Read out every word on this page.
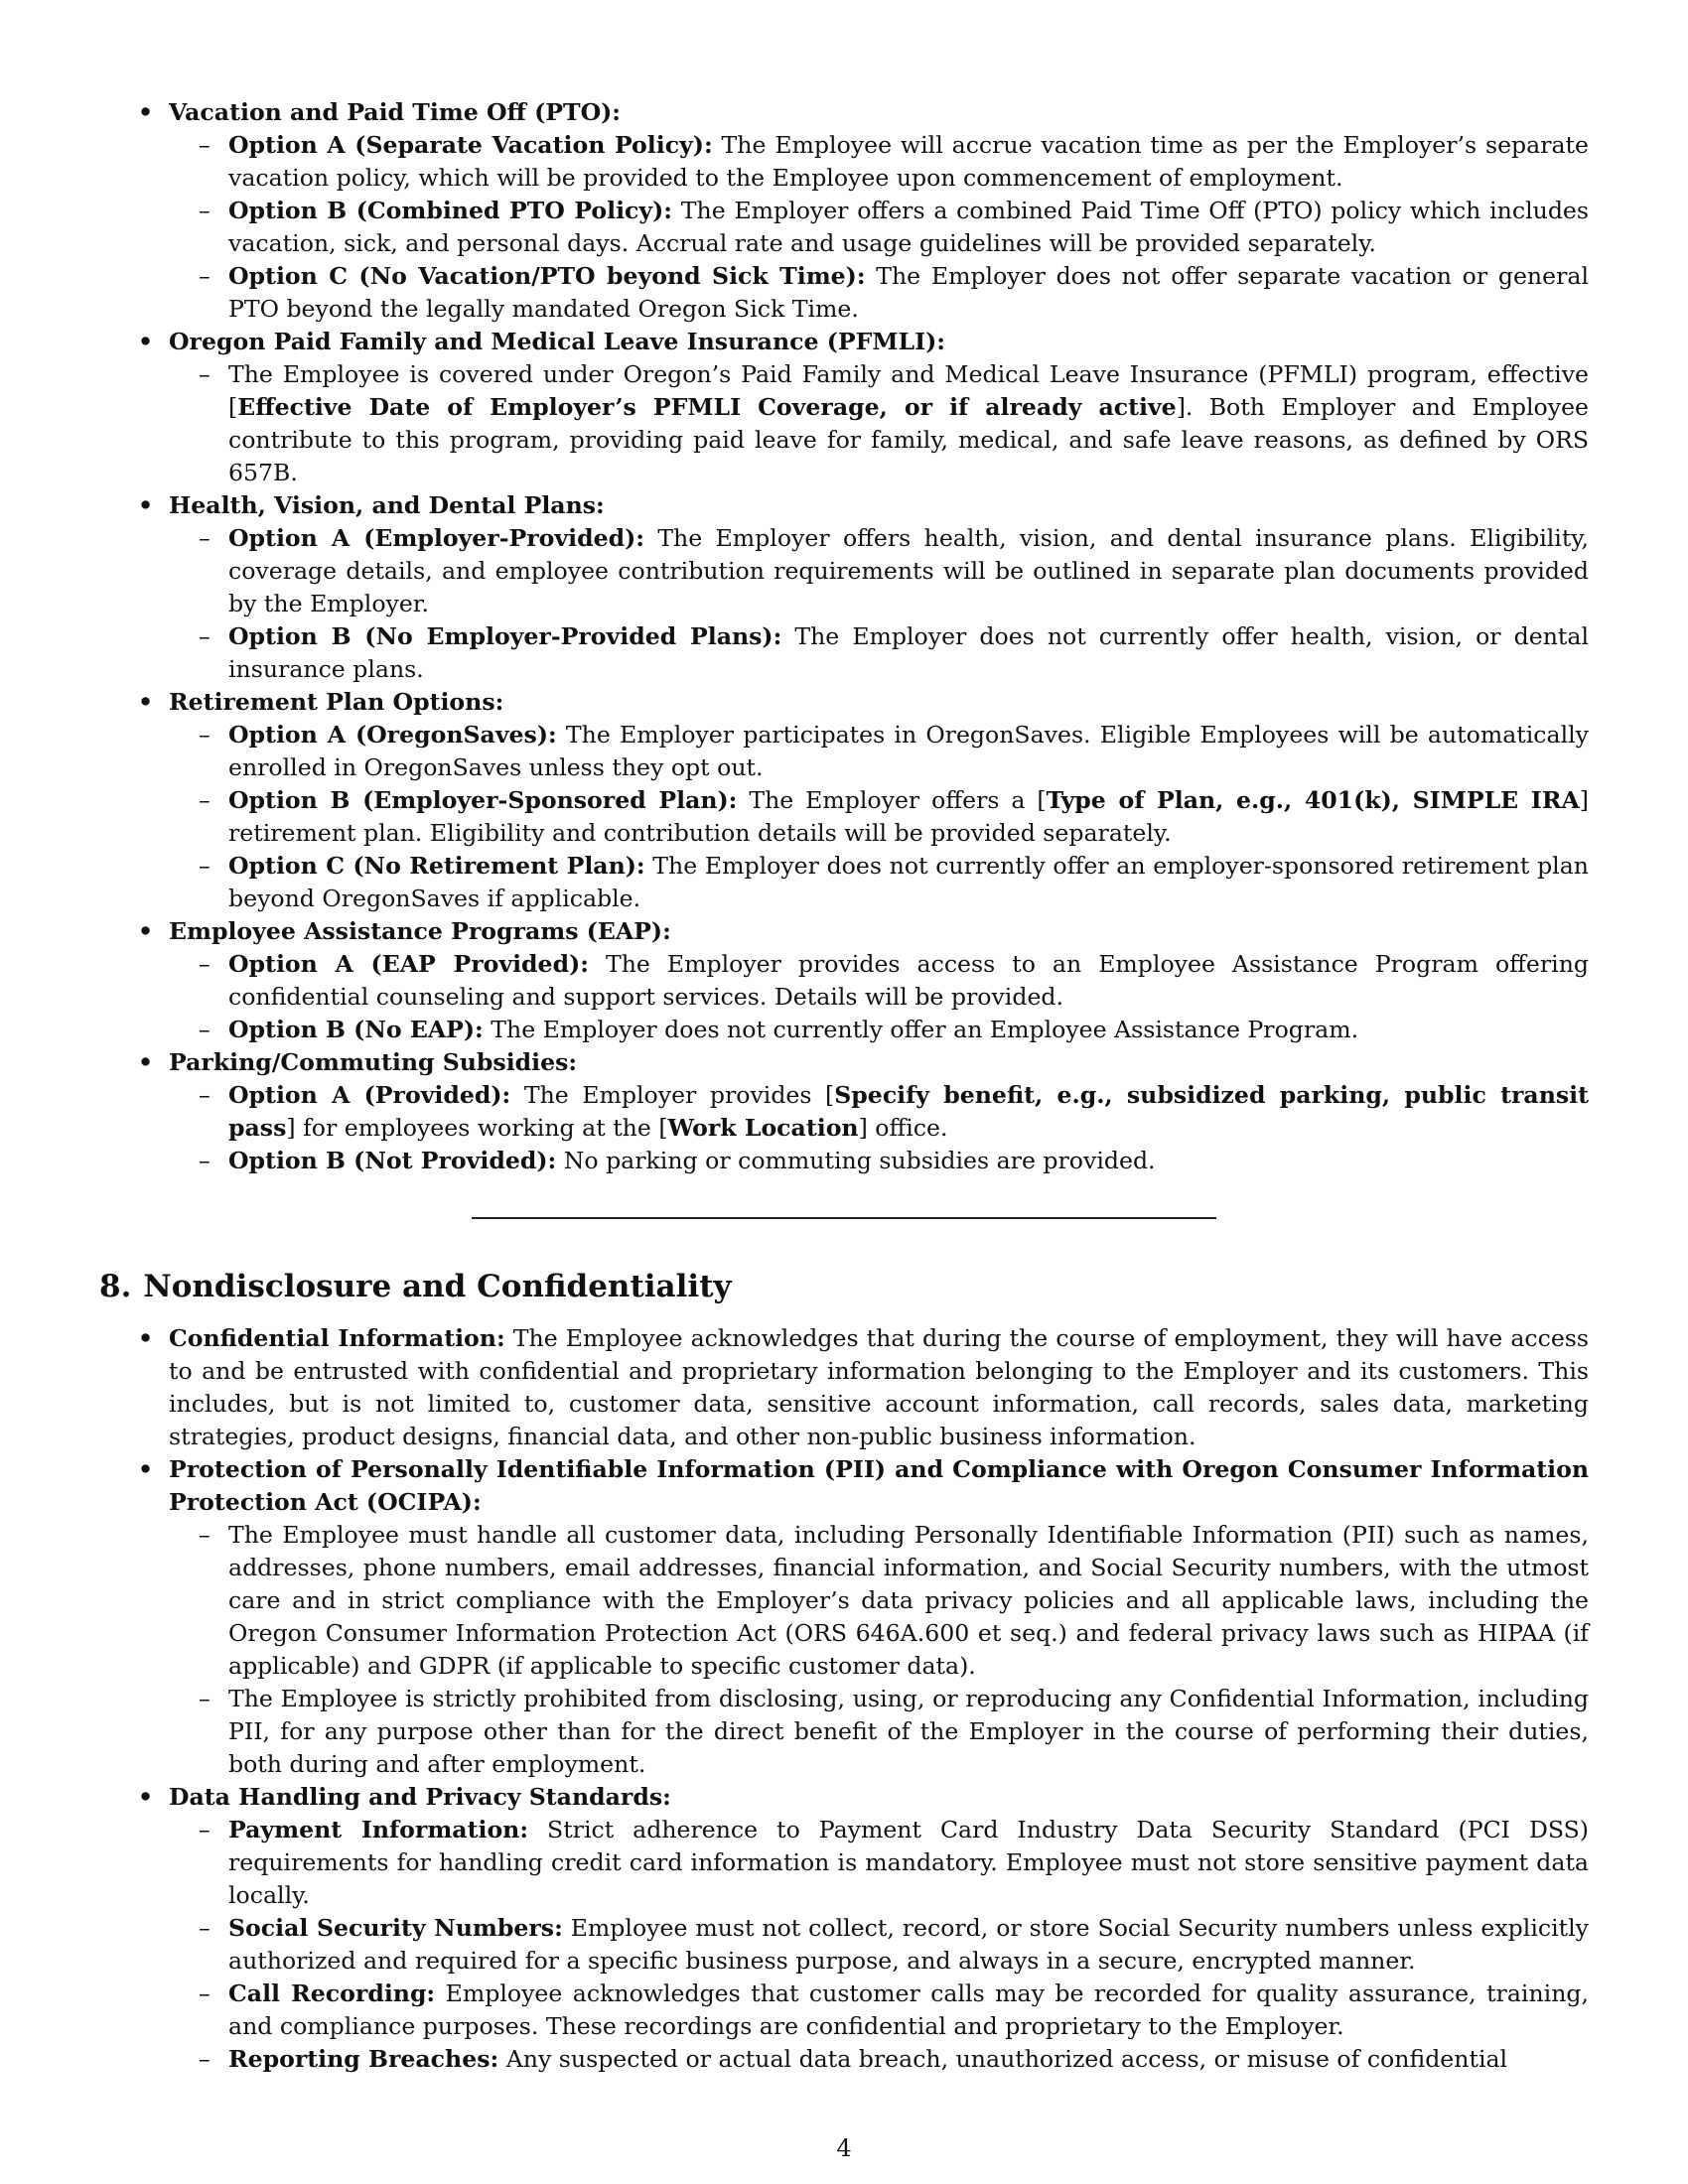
• Vacation and Paid Time Off (PTO):
– Option A (Separate Vacation Policy): The Employee will accrue vacation time as per the Employer’s separate vacation policy, which will be provided to the Employee upon commencement of employment.
– Option B (Combined PTO Policy): The Employer offers a combined Paid Time Off (PTO) policy which includes vacation, sick, and personal days. Accrual rate and usage guidelines will be provided separately.
– Option C (No Vacation/PTO beyond Sick Time): The Employer does not offer separate vacation or general PTO beyond the legally mandated Oregon Sick Time.
• Oregon Paid Family and Medical Leave Insurance (PFMLI):
– The Employee is covered under Oregon’s Paid Family and Medical Leave Insurance (PFMLI) program, effective [Effective Date of Employer’s PFMLI Coverage, or if already active]. Both Employer and Employee contribute to this program, providing paid leave for family, medical, and safe leave reasons, as defined by ORS 657B.
• Health, Vision, and Dental Plans:
– Option A (Employer-Provided): The Employer offers health, vision, and dental insurance plans. Eligibility, coverage details, and employee contribution requirements will be outlined in separate plan documents provided by the Employer.
– Option B (No Employer-Provided Plans): The Employer does not currently offer health, vision, or dental insurance plans.
• Retirement Plan Options:
– Option A (OregonSaves): The Employer participates in OregonSaves. Eligible Employees will be automatically enrolled in OregonSaves unless they opt out.
– Option B (Employer-Sponsored Plan): The Employer offers a [Type of Plan, e.g., 401(k), SIMPLE IRA] retirement plan. Eligibility and contribution details will be provided separately.
– Option C (No Retirement Plan): The Employer does not currently offer an employer-sponsored retirement plan beyond OregonSaves if applicable.
• Employee Assistance Programs (EAP):
– Option A (EAP Provided): The Employer provides access to an Employee Assistance Program offering confidential counseling and support services. Details will be provided.
– Option B (No EAP): The Employer does not currently offer an Employee Assistance Program.
• Parking/Commuting Subsidies:
– Option A (Provided): The Employer provides [Specify benefit, e.g., subsidized parking, public transit pass] for employees working at the [Work Location] office.
– Option B (Not Provided): No parking or commuting subsidies are provided.
8. Nondisclosure and Confidentiality
• Confidential Information: The Employee acknowledges that during the course of employment, they will have access to and be entrusted with confidential and proprietary information belonging to the Employer and its customers. This includes, but is not limited to, customer data, sensitive account information, call records, sales data, marketing strategies, product designs, financial data, and other non-public business information.
• Protection of Personally Identifiable Information (PII) and Compliance with Oregon Consumer Information Protection Act (OCIPA):
– The Employee must handle all customer data, including Personally Identifiable Information (PII) such as names, addresses, phone numbers, email addresses, financial information, and Social Security numbers, with the utmost care and in strict compliance with the Employer’s data privacy policies and all applicable laws, including the Oregon Consumer Information Protection Act (ORS 646A.600 et seq.) and federal privacy laws such as HIPAA (if applicable) and GDPR (if applicable to specific customer data).
– The Employee is strictly prohibited from disclosing, using, or reproducing any Confidential Information, including PII, for any purpose other than for the direct benefit of the Employer in the course of performing their duties, both during and after employment.
• Data Handling and Privacy Standards:
– Payment Information: Strict adherence to Payment Card Industry Data Security Standard (PCI DSS) requirements for handling credit card information is mandatory. Employee must not store sensitive payment data locally.
– Social Security Numbers: Employee must not collect, record, or store Social Security numbers unless explicitly authorized and required for a specific business purpose, and always in a secure, encrypted manner.
– Call Recording: Employee acknowledges that customer calls may be recorded for quality assurance, training, and compliance purposes. These recordings are confidential and proprietary to the Employer.
– Reporting Breaches: Any suspected or actual data breach, unauthorized access, or misuse of confidential
4
